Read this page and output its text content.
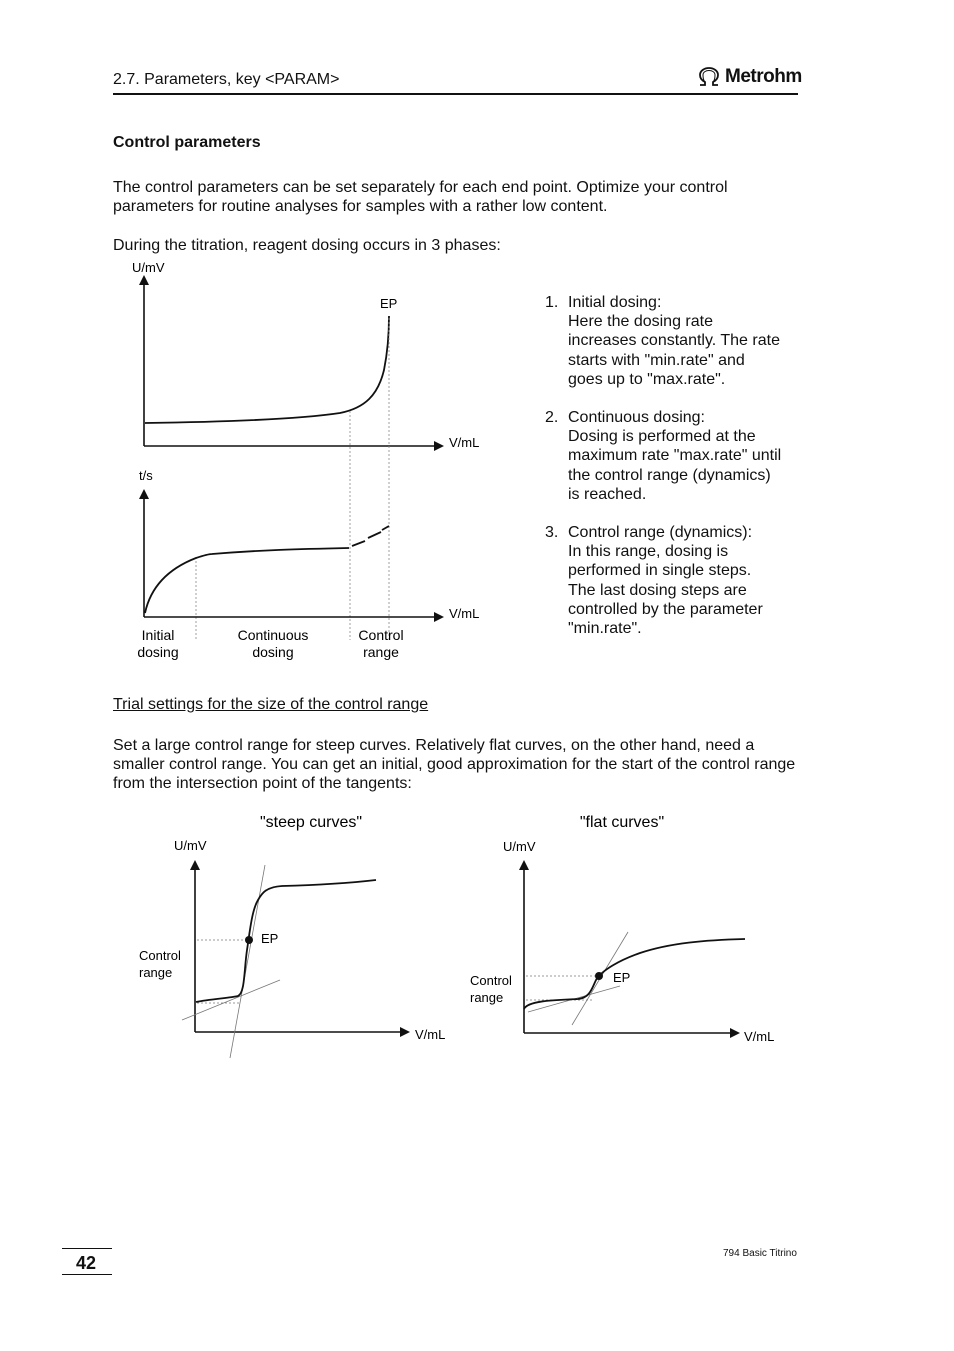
2.7. Parameters, key <PARAM>	Metrohm
Control parameters
The control parameters can be set separately for each end point. Optimize your control parameters for routine analyses for samples with a rather low content.
During the titration, reagent dosing occurs in 3 phases:
U/mV
V/mL
EP
t/s
V/mL
Initial
dosing
Continuous
dosing
Control
range
1. Initial dosing:
Here the dosing rate
increases constantly. The rate
starts with "min.rate" and
goes up to "max.rate".
2. Continuous dosing:
Dosing is performed at the
maximum rate "max.rate" until
the control range (dynamics)
is reached.
3. Control range (dynamics):
In this range, dosing is
performed in single steps.
The last dosing steps are
controlled by the parameter
"min.rate".
Trial settings for the size of the control range
Set a large control range for steep curves. Relatively flat curves, on the other hand, need a smaller control range. You can get an initial, good approximation for the start of the control range from the intersection point of the tangents:
"steep curves"
U/mV
V/mL
Control
range
EP
"flat curves"
U/mV
V/mL
Control
range
EP
42	794 Basic Titrino
